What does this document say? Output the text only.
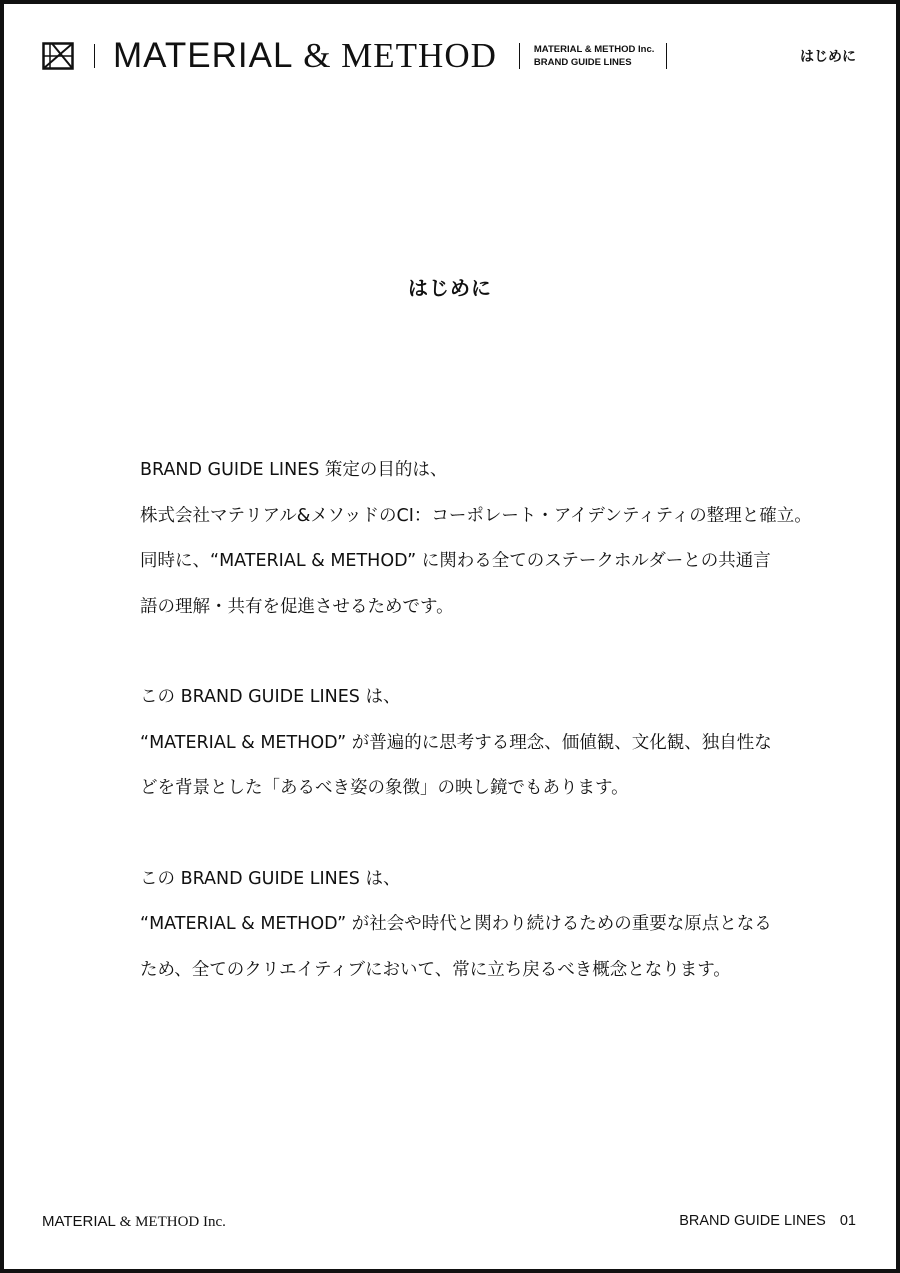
MATERIAL & METHOD	MATERIAL & METHOD Inc.
BRAND GUIDE LINES	はじめに
はじめに
BRAND GUIDE LINES 策定の目的は、
株式会社マテリアル&メソッドのCI：コーポレート・アイデンティティの整理と確立。
同時に、“MATERIAL & METHOD” に関わる全てのステークホルダーとの共通言
語の理解・共有を促進させるためです。
この BRAND GUIDE LINES は、
“MATERIAL & METHOD” が普遍的に思考する理念、価値観、文化観、独自性な
どを背景とした「あるべき姿の象徴」の映し鏡でもあります。
この BRAND GUIDE LINES は、
“MATERIAL & METHOD” が社会や時代と関わり続けるための重要な原点となる
ため、全てのクリエイティブにおいて、常に立ち戻るべき概念となります。
MATERIAL & METHOD Inc.	BRAND GUIDE LINES 01
